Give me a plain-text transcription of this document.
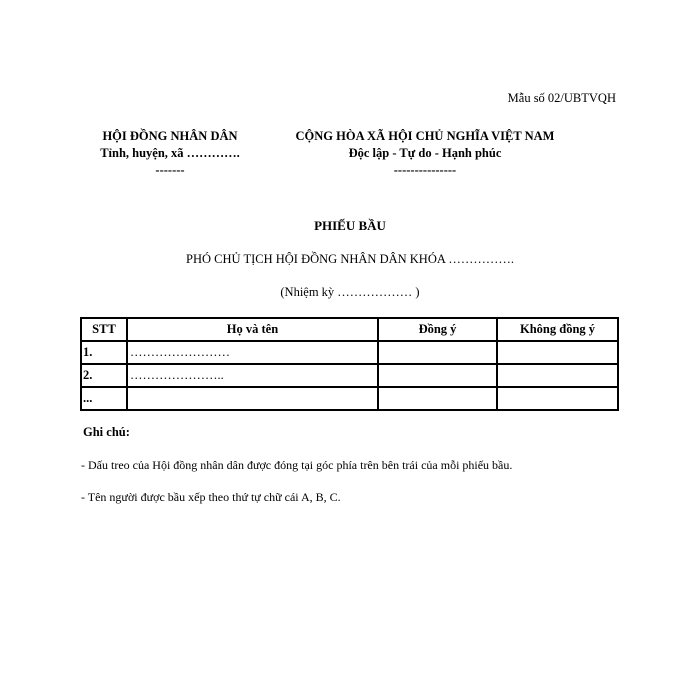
Mẫu số 02/UBTVQH
HỘI ĐỒNG NHÂN DÂN
Tỉnh, huyện, xã ………….
-------
CỘNG HÒA XÃ HỘI CHỦ NGHĨA VIỆT NAM
Độc lập - Tự do - Hạnh phúc
---------------
PHIẾU BẦU
PHÓ CHỦ TỊCH HỘI ĐỒNG NHÂN DÂN KHÓA …………….
(Nhiệm kỳ ……………… )
STT	Họ và tên	Đồng ý	Không đồng ý
1.	……………………		
2.	…………………..		
...			
Ghi chú:
- Dấu treo của Hội đồng nhân dân được đóng tại góc phía trên bên trái của mỗi phiếu bầu.
- Tên người được bầu xếp theo thứ tự chữ cái A, B, C.
